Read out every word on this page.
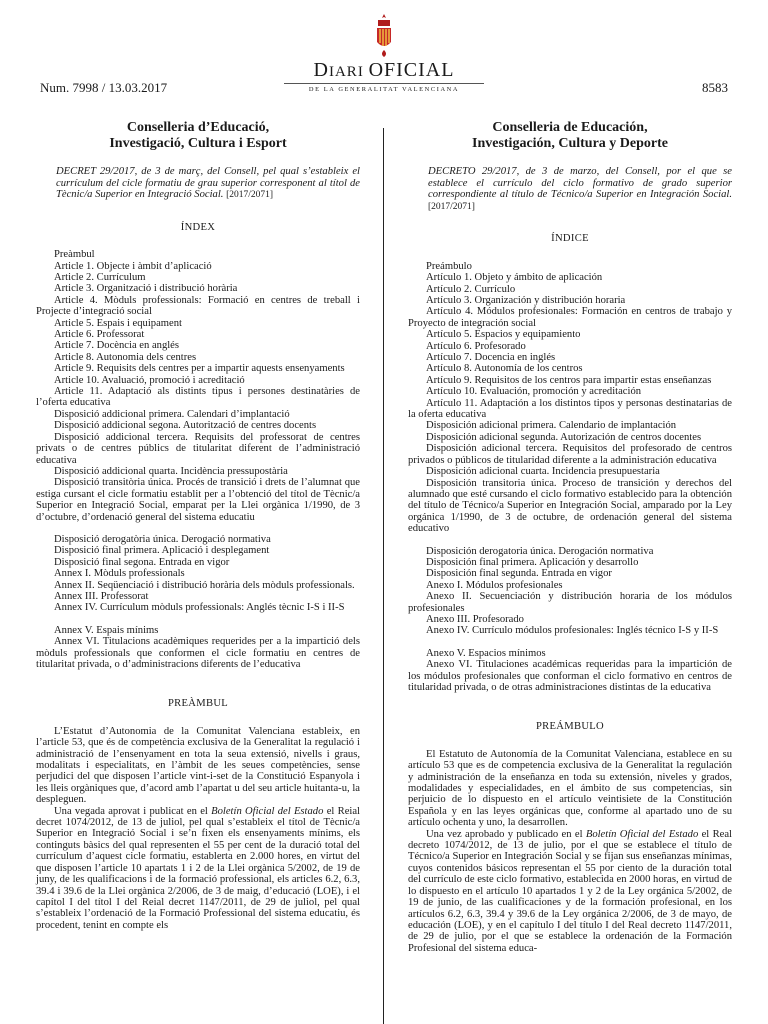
Num. 7998 / 13.03.2017
DIARI OFICIAL
DE LA GENERALITAT VALENCIANA	8583
Conselleria d’Educació,
Investigació, Cultura i Esport

DECRET 29/2017, de 3 de març, del Consell, pel qual s’estableix el currículum del cicle formatiu de grau superior corresponent al títol de Tècnic/a Superior en Integració Social. [2017/2071]

ÍNDEX

Preàmbul

Article 1. Objecte i àmbit d’aplicació

Article 2. Currículum

Article 3. Organització i distribució horària

Article 4. Mòduls professionals: Formació en centres de treball i Projecte d’integració social

Article 5. Espais i equipament

Article 6. Professorat

Article 7. Docència en anglés

Article 8. Autonomia dels centres

Article 9. Requisits dels centres per a impartir aquests ensenyaments

Article 10. Avaluació, promoció i acreditació

Article 11. Adaptació als distints tipus i persones destinatàries de l’oferta educativa

Disposició addicional primera. Calendari d’implantació

Disposició addicional segona. Autorització de centres docents

Disposició addicional tercera. Requisits del professorat de centres privats o de centres públics de titularitat diferent de l’administració educativa

Disposició addicional quarta. Incidència pressupostària

Disposició transitòria única. Procés de transició i drets de l’alumnat que estiga cursant el cicle formatiu establit per a l’obtenció del títol de Tècnic/a Superior en Integració Social, emparat per la Llei orgànica 1/1990, de 3 d’octubre, d’ordenació general del sistema educatiu

Disposició derogatòria única. Derogació normativa

Disposició final primera. Aplicació i desplegament

Disposició final segona. Entrada en vigor

Annex I. Mòduls professionals

Annex II. Seqüenciació i distribució horària dels mòduls professionals.

Annex III. Professorat

Annex IV. Currículum mòduls professionals: Anglés tècnic I-S i II-S

Annex V. Espais mínims

Annex VI. Titulacions acadèmiques requerides per a la impartició dels mòduls professionals que conformen el cicle formatiu en centres de titularitat privada, o d’administracions diferents de l’educativa

PREÀMBUL

L’Estatut d’Autonomia de la Comunitat Valenciana estableix, en l’article 53, que és de competència exclusiva de la Generalitat la regulació i administració de l’ensenyament en tota la seua extensió, nivells i graus, modalitats i especialitats, en l’àmbit de les seues competències, sense perjudici del que disposen l’article vint-i-set de la Constitució Espanyola i les lleis orgàniques que, d’acord amb l’apartat u del seu article huitanta-u, la despleguen.

Una vegada aprovat i publicat en el Boletín Oficial del Estado el Reial decret 1074/2012, de 13 de juliol, pel qual s’estableix el títol de Tècnic/a Superior en Integració Social i se’n fixen els ensenyaments mínims, els continguts bàsics del qual representen el 55 per cent de la duració total del currículum d’aquest cicle formatiu, establerta en 2.000 hores, en virtut del que disposen l’article 10 apartats 1 i 2 de la Llei orgànica 5/2002, de 19 de juny, de les qualificacions i de la formació professional, els articles 6.2, 6.3, 39.4 i 39.6 de la Llei orgànica 2/2006, de 3 de maig, d’educació (LOE), i el capítol I del títol I del Reial decret 1147/2011, de 29 de juliol, pel qual s’estableix l’ordenació de la Formació Professional del sistema educatiu, és procedent, tenint en compte els

Conselleria de Educación,
Investigación, Cultura y Deporte

DECRETO 29/2017, de 3 de marzo, del Consell, por el que se establece el currículo del ciclo formativo de grado superior correspondiente al título de Técnico/a Superior en Integración Social. [2017/2071]

ÍNDICE

Preámbulo

Artículo 1. Objeto y ámbito de aplicación

Artículo 2. Currículo

Artículo 3. Organización y distribución horaria

Artículo 4. Módulos profesionales: Formación en centros de trabajo y Proyecto de integración social

Artículo 5. Espacios y equipamiento

Artículo 6. Profesorado

Artículo 7. Docencia en inglés

Artículo 8. Autonomía de los centros

Artículo 9. Requisitos de los centros para impartir estas enseñanzas

Artículo 10. Evaluación, promoción y acreditación

Artículo 11. Adaptación a los distintos tipos y personas destinatarias de la oferta educativa

Disposición adicional primera. Calendario de implantación

Disposición adicional segunda. Autorización de centros docentes

Disposición adicional tercera. Requisitos del profesorado de centros privados o públicos de titularidad diferente a la administración educativa

Disposición adicional cuarta. Incidencia presupuestaria

Disposición transitoria única. Proceso de transición y derechos del alumnado que esté cursando el ciclo formativo establecido para la obtención del título de Técnico/a Superior en Integración Social, amparado por la Ley orgánica 1/1990, de 3 de octubre, de ordenación general del sistema educativo

Disposición derogatoria única. Derogación normativa

Disposición final primera. Aplicación y desarrollo

Disposición final segunda. Entrada en vigor

Anexo I. Módulos profesionales

Anexo II. Secuenciación y distribución horaria de los módulos profesionales

Anexo III. Profesorado

Anexo IV. Currículo módulos profesionales: Inglés técnico I-S y II-S

Anexo V. Espacios mínimos

Anexo VI. Titulaciones académicas requeridas para la impartición de los módulos profesionales que conforman el ciclo formativo en centros de titularidad privada, o de otras administraciones distintas de la educativa

PREÁMBULO

El Estatuto de Autonomía de la Comunitat Valenciana, establece en su artículo 53 que es de competencia exclusiva de la Generalitat la regulación y administración de la enseñanza en toda su extensión, niveles y grados, modalidades y especialidades, en el ámbito de sus competencias, sin perjuicio de lo dispuesto en el artículo veintisiete de la Constitución Española y en las leyes orgánicas que, conforme al apartado uno de su artículo ochenta y uno, la desarrollen.

Una vez aprobado y publicado en el Boletín Oficial del Estado el Real decreto 1074/2012, de 13 de julio, por el que se establece el título de Técnico/a Superior en Integración Social y se fijan sus enseñanzas mínimas, cuyos contenidos básicos representan el 55 por ciento de la duración total del currículo de este ciclo formativo, establecida en 2000 horas, en virtud de lo dispuesto en el artículo 10 apartados 1 y 2 de la Ley orgánica 5/2002, de 19 de junio, de las cualificaciones y de la formación profesional, en los artículos 6.2, 6.3, 39.4 y 39.6 de la Ley orgánica 2/2006, de 3 de mayo, de educación (LOE), y en el capítulo I del título I del Real decreto 1147/2011, de 29 de julio, por el que se establece la ordenación de la Formación Profesional del sistema educa-
